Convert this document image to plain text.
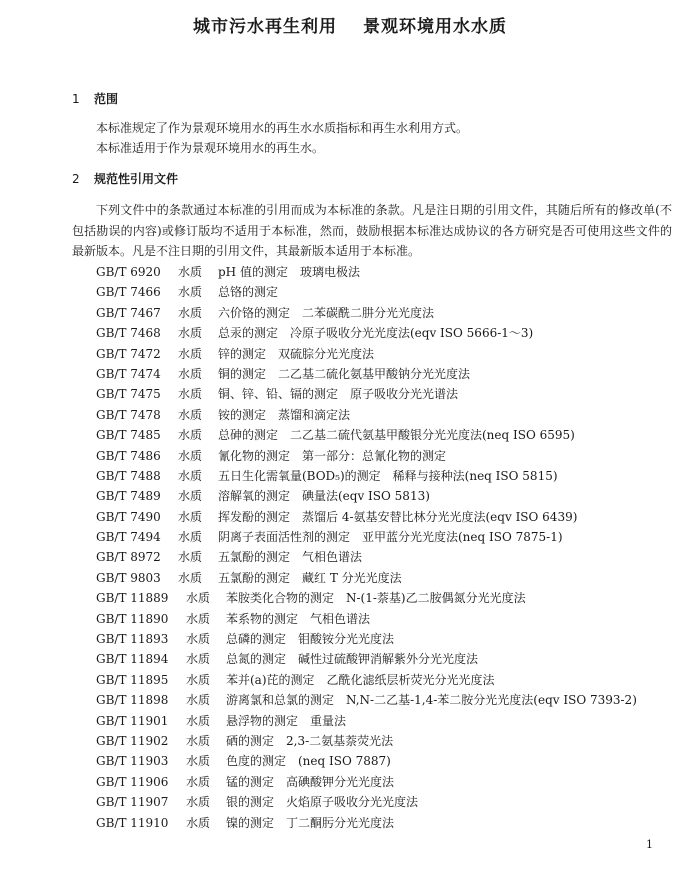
城市污水再生利用 景观环境用水水质
1 范围
本标准规定了作为景观环境用水的再生水水质指标和再生水利用方式。
本标准适用于作为景观环境用水的再生水。
2 规范性引用文件
下列文件中的条款通过本标准的引用而成为本标准的条款。凡是注日期的引用文件，其随后所有的修改单(不包括勘误的内容)或修订版均不适用于本标准，然而，鼓励根据本标准达成协议的各方研究是否可使用这些文件的最新版本。凡是不注日期的引用文件，其最新版本适用于本标准。
GB/T 6920	水质	pH 值的测定　玻璃电极法
GB/T 7466	水质	总铬的测定
GB/T 7467	水质	六价铬的测定　二苯碳酰二肼分光光度法
GB/T 7468	水质	总汞的测定　冷原子吸收分光光度法(eqv ISO 5666-1～3)
GB/T 7472	水质	锌的测定　双硫腙分光光度法
GB/T 7474	水质	铜的测定　二乙基二硫化氨基甲酸钠分光光度法
GB/T 7475	水质	铜、锌、铅、镉的测定　原子吸收分光光谱法
GB/T 7478	水质	铵的测定　蒸馏和滴定法
GB/T 7485	水质	总砷的测定　二乙基二硫代氨基甲酸银分光光度法(neq ISO 6595)
GB/T 7486	水质	氰化物的测定　第一部分：总氰化物的测定
GB/T 7488	水质	五日生化需氧量(BOD₅)的测定　稀释与接种法(neq ISO 5815)
GB/T 7489	水质	溶解氧的测定　碘量法(eqv ISO 5813)
GB/T 7490	水质	挥发酚的测定　蒸馏后 4-氨基安替比林分光光度法(eqv ISO 6439)
GB/T 7494	水质	阴离子表面活性剂的测定　亚甲蓝分光光度法(neq ISO 7875-1)
GB/T 8972	水质	五氯酚的测定　气相色谱法
GB/T 9803	水质	五氯酚的测定　藏红 T 分光光度法
GB/T 11889	水质	苯胺类化合物的测定　N-(1-萘基)乙二胺偶氮分光光度法
GB/T 11890	水质	苯系物的测定　气相色谱法
GB/T 11893	水质	总磷的测定　钼酸铵分光光度法
GB/T 11894	水质	总氮的测定　碱性过硫酸钾消解紫外分光光度法
GB/T 11895	水质	苯并(a)芘的测定　乙酰化滤纸层析荧光分光光度法
GB/T 11898	水质	游离氯和总氯的测定　N,N-二乙基-1,4-苯二胺分光光度法(eqv ISO 7393-2)
GB/T 11901	水质	悬浮物的测定　重量法
GB/T 11902	水质	硒的测定　2,3-二氨基萘荧光法
GB/T 11903	水质	色度的测定　(neq ISO 7887)
GB/T 11906	水质	锰的测定　高碘酸钾分光光度法
GB/T 11907	水质	银的测定　火焰原子吸收分光光度法
GB/T 11910	水质	镍的测定　丁二酮肟分光光度法
1
